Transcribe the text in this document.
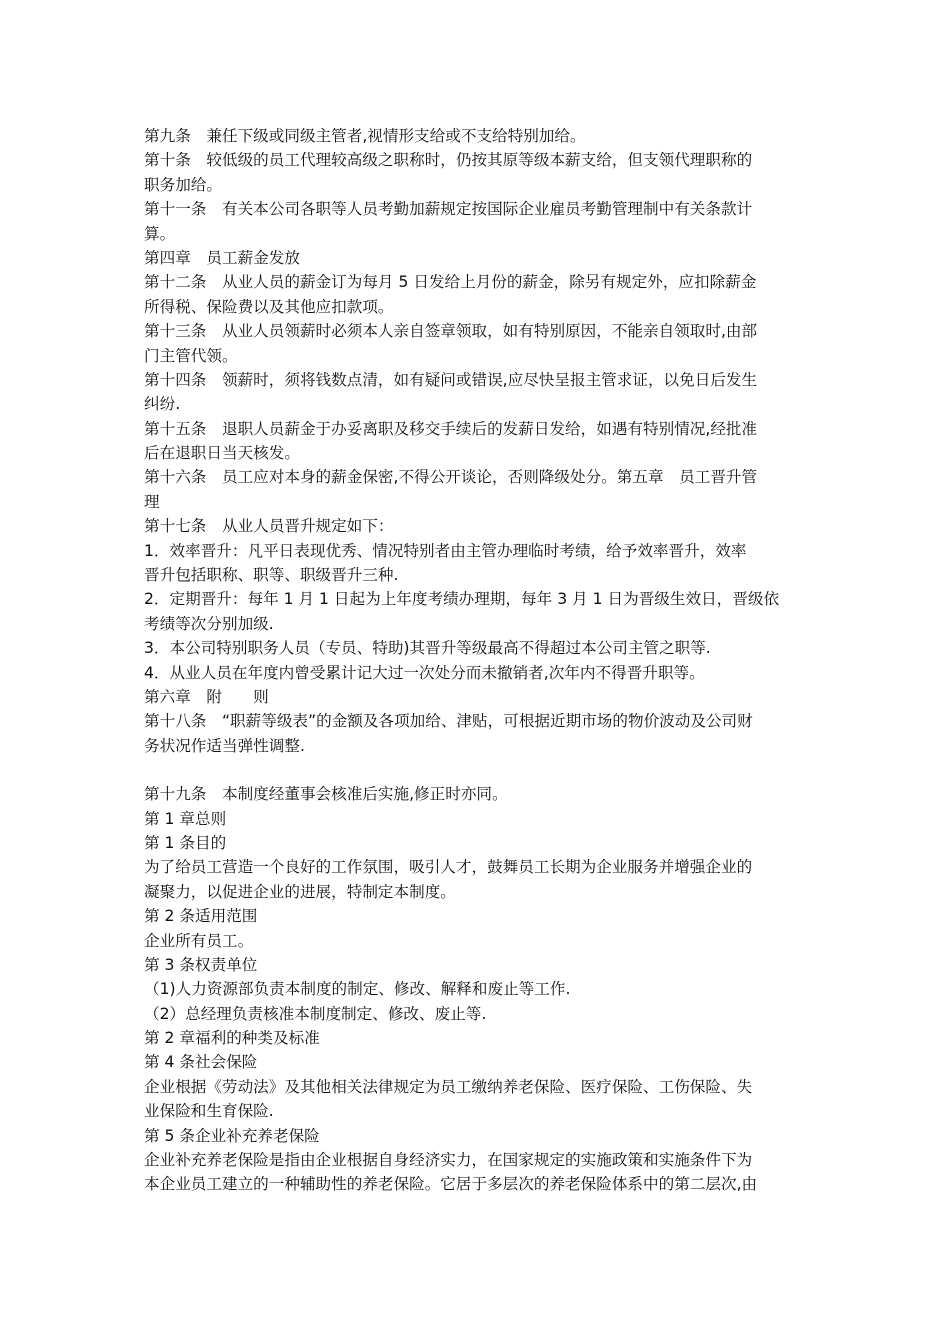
第九条　兼任下级或同级主管者,视情形支给或不支给特别加给。

第十条　较低级的员工代理较高级之职称时，仍按其原等级本薪支给，但支领代理职称的

职务加给。

第十一条　有关本公司各职等人员考勤加薪规定按国际企业雇员考勤管理制中有关条款计

算。

第四章　员工薪金发放

第十二条　从业人员的薪金订为每月 5 日发给上月份的薪金，除另有规定外，应扣除薪金

所得税、保险费以及其他应扣款项。

第十三条　从业人员领薪时必须本人亲自签章领取，如有特别原因，不能亲自领取时,由部

门主管代领。

第十四条　领薪时，须将钱数点清，如有疑问或错误,应尽快呈报主管求证，以免日后发生

纠纷.

第十五条　退职人员薪金于办妥离职及移交手续后的发薪日发给，如遇有特别情况,经批准

后在退职日当天核发。

第十六条　员工应对本身的薪金保密,不得公开谈论，否则降级处分。第五章　员工晋升管

理

第十七条　从业人员晋升规定如下：

1．效率晋升：凡平日表现优秀、情况特别者由主管办理临时考绩，给予效率晋升，效率

晋升包括职称、职等、职级晋升三种.

2．定期晋升：每年 1 月 1 日起为上年度考绩办理期，每年 3 月 1 日为晋级生效日，晋级依

考绩等次分别加级.

3．本公司特别职务人员（专员、特助)其晋升等级最高不得超过本公司主管之职等.

4．从业人员在年度内曾受累计记大过一次处分而未撤销者,次年内不得晋升职等。

第六章　附　　则

第十八条　“职薪等级表”的金额及各项加给、津贴，可根据近期市场的物价波动及公司财

务状况作适当弹性调整.

第十九条　本制度经董事会核准后实施,修正时亦同。

第 1 章总则

第 1 条目的

为了给员工营造一个良好的工作氛围，吸引人才，鼓舞员工长期为企业服务并增强企业的

凝聚力，以促进企业的进展，特制定本制度。

第 2 条适用范围

企业所有员工。

第 3 条权责单位

（1)人力资源部负责本制度的制定、修改、解释和废止等工作.

（2）总经理负责核准本制度制定、修改、废止等.

第 2 章福利的种类及标准

第 4 条社会保险

企业根据《劳动法》及其他相关法律规定为员工缴纳养老保险、医疗保险、工伤保险、失

业保险和生育保险.

第 5 条企业补充养老保险

企业补充养老保险是指由企业根据自身经济实力，在国家规定的实施政策和实施条件下为

本企业员工建立的一种辅助性的养老保险。它居于多层次的养老保险体系中的第二层次,由
